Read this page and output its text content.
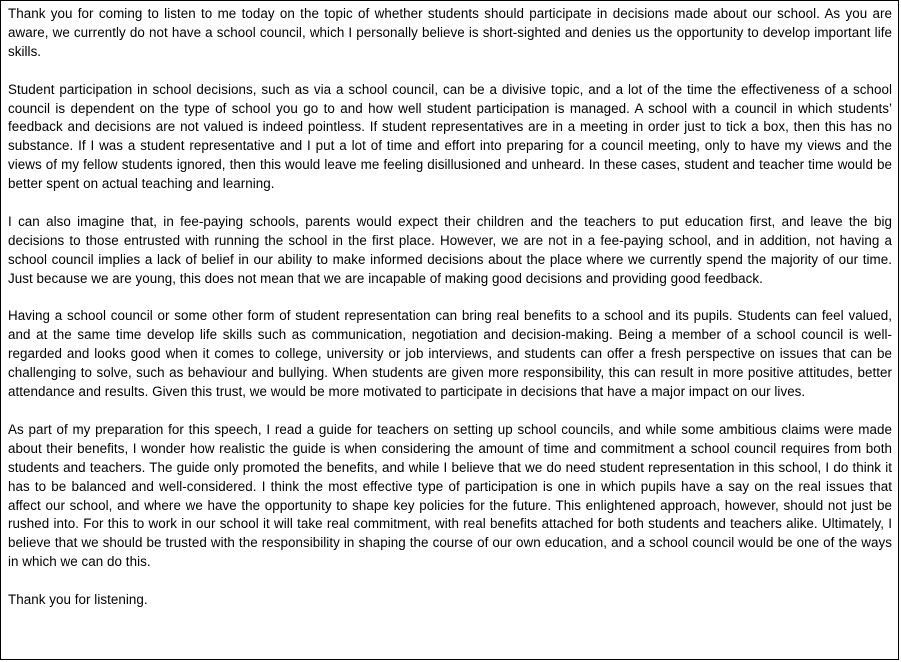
Thank you for coming to listen to me today on the topic of whether students should participate in decisions made about our school. As you are aware, we currently do not have a school council, which I personally believe is short-sighted and denies us the opportunity to develop important life skills.

Student participation in school decisions, such as via a school council, can be a divisive topic, and a lot of the time the effectiveness of a school council is dependent on the type of school you go to and how well student participation is managed. A school with a council in which students’ feedback and decisions are not valued is indeed pointless. If student representatives are in a meeting in order just to tick a box, then this has no substance. If I was a student representative and I put a lot of time and effort into preparing for a council meeting, only to have my views and the views of my fellow students ignored, then this would leave me feeling disillusioned and unheard. In these cases, student and teacher time would be better spent on actual teaching and learning.

I can also imagine that, in fee-paying schools, parents would expect their children and the teachers to put education first, and leave the big decisions to those entrusted with running the school in the first place. However, we are not in a fee-paying school, and in addition, not having a school council implies a lack of belief in our ability to make informed decisions about the place where we currently spend the majority of our time. Just because we are young, this does not mean that we are incapable of making good decisions and providing good feedback.

Having a school council or some other form of student representation can bring real benefits to a school and its pupils. Students can feel valued, and at the same time develop life skills such as communication, negotiation and decision-making. Being a member of a school council is well-regarded and looks good when it comes to college, university or job interviews, and students can offer a fresh perspective on issues that can be challenging to solve, such as behaviour and bullying. When students are given more responsibility, this can result in more positive attitudes, better attendance and results. Given this trust, we would be more motivated to participate in decisions that have a major impact on our lives.

As part of my preparation for this speech, I read a guide for teachers on setting up school councils, and while some ambitious claims were made about their benefits, I wonder how realistic the guide is when considering the amount of time and commitment a school council requires from both students and teachers. The guide only promoted the benefits, and while I believe that we do need student representation in this school, I do think it has to be balanced and well-considered. I think the most effective type of participation is one in which pupils have a say on the real issues that affect our school, and where we have the opportunity to shape key policies for the future. This enlightened approach, however, should not just be rushed into. For this to work in our school it will take real commitment, with real benefits attached for both students and teachers alike. Ultimately, I believe that we should be trusted with the responsibility in shaping the course of our own education, and a school council would be one of the ways in which we can do this.

Thank you for listening.
